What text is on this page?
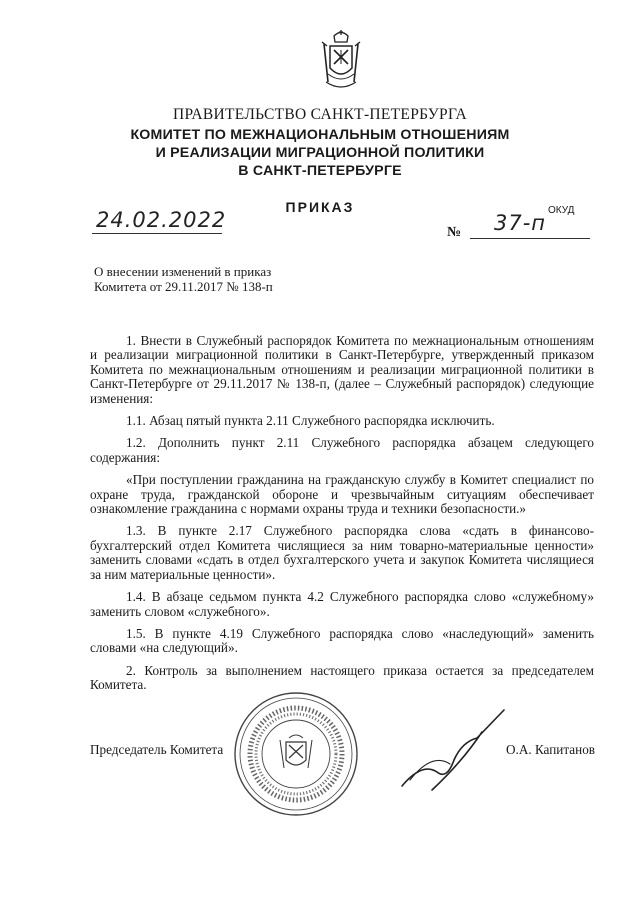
ПРАВИТЕЛЬСТВО САНКТ-ПЕТЕРБУРГА
КОМИТЕТ ПО МЕЖНАЦИОНАЛЬНЫМ ОТНОШЕНИЯМ
И РЕАЛИЗАЦИИ МИГРАЦИОННОЙ ПОЛИТИКИ
В САНКТ-ПЕТЕРБУРГЕ
ПРИКАЗ	ОКУД
24.02.2022
№ 37-п
О внесении изменений в приказ
Комитета от 29.11.2017 № 138-п

1. Внести в Служебный распорядок Комитета по межнациональным отношениям и реализации миграционной политики в Санкт-Петербурге, утвержденный приказом Комитета по межнациональным отношениям и реализации миграционной политики в Санкт-Петербурге от 29.11.2017 № 138-п, (далее – Служебный распорядок) следующие изменения:

1.1. Абзац пятый пункта 2.11 Служебного распорядка исключить.

1.2. Дополнить пункт 2.11 Служебного распорядка абзацем следующего содержания:

«При поступлении гражданина на гражданскую службу в Комитет специалист по охране труда, гражданской обороне и чрезвычайным ситуациям обеспечивает ознакомление гражданина с нормами охраны труда и техники безопасности.»

1.3. В пункте 2.17 Служебного распорядка слова «сдать в финансово-бухгалтерский отдел Комитета числящиеся за ним товарно-материальные ценности» заменить словами «сдать в отдел бухгалтерского учета и закупок Комитета числящиеся за ним материальные ценности».

1.4. В абзаце седьмом пункта 4.2 Служебного распорядка слово «служебному» заменить словом «служебного».

1.5. В пункте 4.19 Служебного распорядка слово «наследующий» заменить словами «на следующий».

2. Контроль за выполнением настоящего приказа остается за председателем Комитета.

Председатель Комитета	О.А. Капитанов
